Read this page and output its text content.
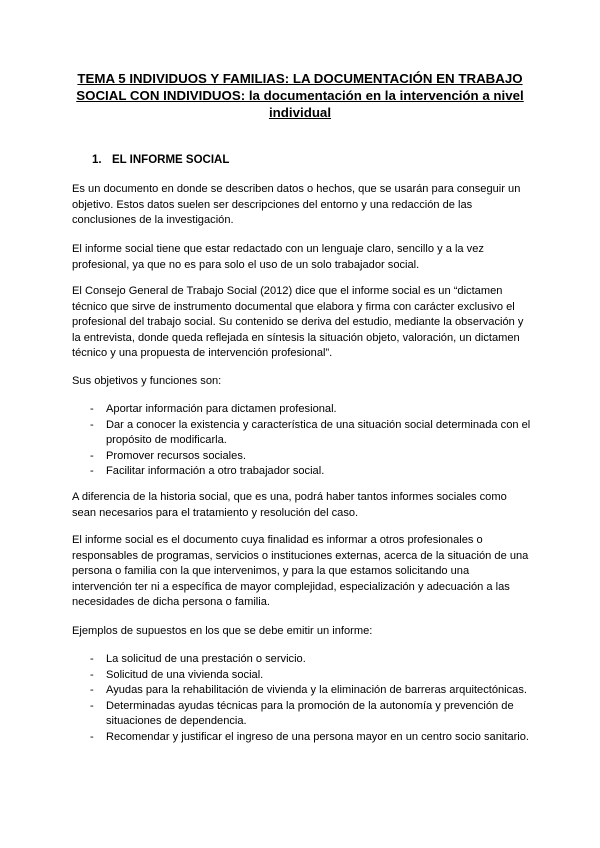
TEMA 5 INDIVIDUOS Y FAMILIAS: LA DOCUMENTACIÓN EN TRABAJO SOCIAL CON INDIVIDUOS: la documentación en la intervención a nivel individual
1. EL INFORME SOCIAL

Es un documento en donde se describen datos o hechos, que se usarán para conseguir un objetivo. Estos datos suelen ser descripciones del entorno y una redacción de las conclusiones de la investigación.

El informe social tiene que estar redactado con un lenguaje claro, sencillo y a la vez profesional, ya que no es para solo el uso de un solo trabajador social.

El Consejo General de Trabajo Social (2012) dice que el informe social es un “dictamen técnico que sirve de instrumento documental que elabora y firma con carácter exclusivo el profesional del trabajo social. Su contenido se deriva del estudio, mediante la observación y la entrevista, donde queda reflejada en síntesis la situación objeto, valoración, un dictamen técnico y una propuesta de intervención profesional”.

Sus objetivos y funciones son:

- Aportar información para dictamen profesional.
- Dar a conocer la existencia y característica de una situación social determinada con el propósito de modificarla.
- Promover recursos sociales.
- Facilitar información a otro trabajador social.

A diferencia de la historia social, que es una, podrá haber tantos informes sociales como sean necesarios para el tratamiento y resolución del caso.

El informe social es el documento cuya finalidad es informar a otros profesionales o responsables de programas, servicios o instituciones externas, acerca de la situación de una persona o familia con la que intervenimos, y para la que estamos solicitando una intervención ter ni a específica de mayor complejidad, especialización y adecuación a las necesidades de dicha persona o familia.

Ejemplos de supuestos en los que se debe emitir un informe:

- La solicitud de una prestación o servicio.
- Solicitud de una vivienda social.
- Ayudas para la rehabilitación de vivienda y la eliminación de barreras arquitectónicas.
- Determinadas ayudas técnicas para la promoción de la autonomía y prevención de situaciones de dependencia.
- Recomendar y justificar el ingreso de una persona mayor en un centro socio sanitario.
